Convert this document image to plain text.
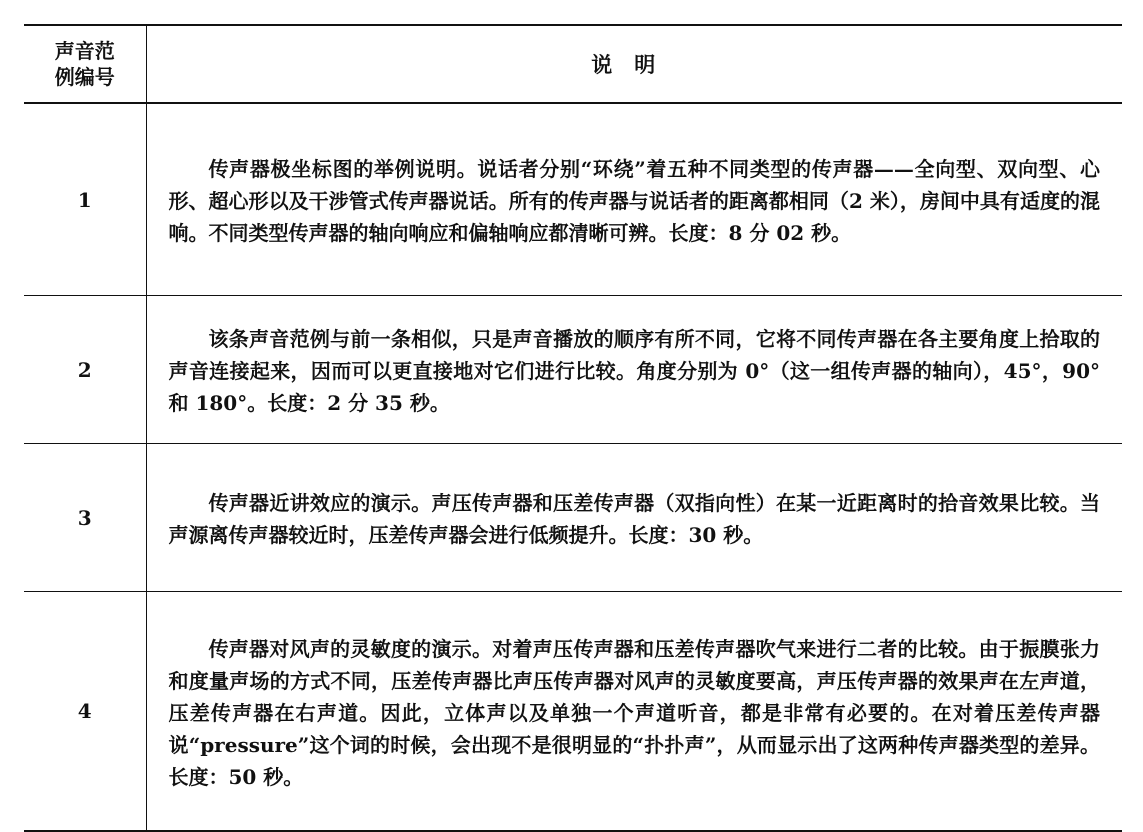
声音范
例编号	说明
1	传声器极坐标图的举例说明。说话者分别“环绕”着五种不同类型的传声器——全向型、双向型、心形、超心形以及干涉管式传声器说话。所有的传声器与说话者的距离都相同（2 米），房间中具有适度的混响。不同类型传声器的轴向响应和偏轴响应都清晰可辨。长度：8 分 02 秒。

2	该条声音范例与前一条相似，只是声音播放的顺序有所不同，它将不同传声器在各主要角度上拾取的声音连接起来，因而可以更直接地对它们进行比较。角度分别为 0°（这一组传声器的轴向），45°，90°和 180°。长度：2 分 35 秒。

3	传声器近讲效应的演示。声压传声器和压差传声器（双指向性）在某一近距离时的拾音效果比较。当声源离传声器较近时，压差传声器会进行低频提升。长度：30 秒。

4	传声器对风声的灵敏度的演示。对着声压传声器和压差传声器吹气来进行二者的比较。由于振膜张力和度量声场的方式不同，压差传声器比声压传声器对风声的灵敏度要高，声压传声器的效果声在左声道，压差传声器在右声道。因此，立体声以及单独一个声道听音，都是非常有必要的。在对着压差传声器说“pressure”这个词的时候，会出现不是很明显的“扑扑声”，从而显示出了这两种传声器类型的差异。长度：50 秒。
